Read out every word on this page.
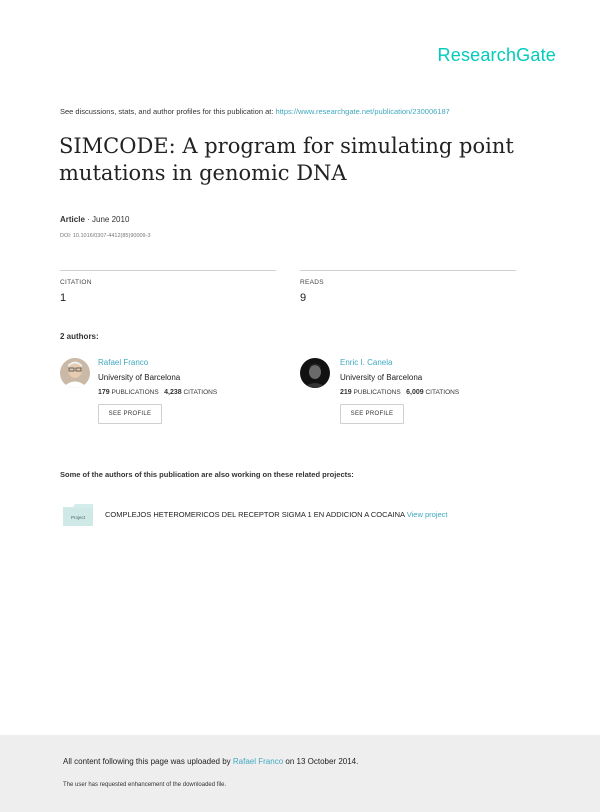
ResearchGate
See discussions, stats, and author profiles for this publication at: https://www.researchgate.net/publication/230006187
SIMCODE: A program for simulating point
mutations in genomic DNA
Article · June 2010
DOI: 10.1016/0307-4412(85)90009-3
CITATION
1
READS
9
2 authors:
Rafael Franco
University of Barcelona
179 PUBLICATIONS 4,238 CITATIONS
SEE PROFILE
Enric I. Canela
University of Barcelona
219 PUBLICATIONS 6,009 CITATIONS
SEE PROFILE
Some of the authors of this publication are also working on these related projects:
Project	COMPLEJOS HETEROMERICOS DEL RECEPTOR SIGMA 1 EN ADDICION A COCAINA View project
All content following this page was uploaded by Rafael Franco on 13 October 2014.
The user has requested enhancement of the downloaded file.
